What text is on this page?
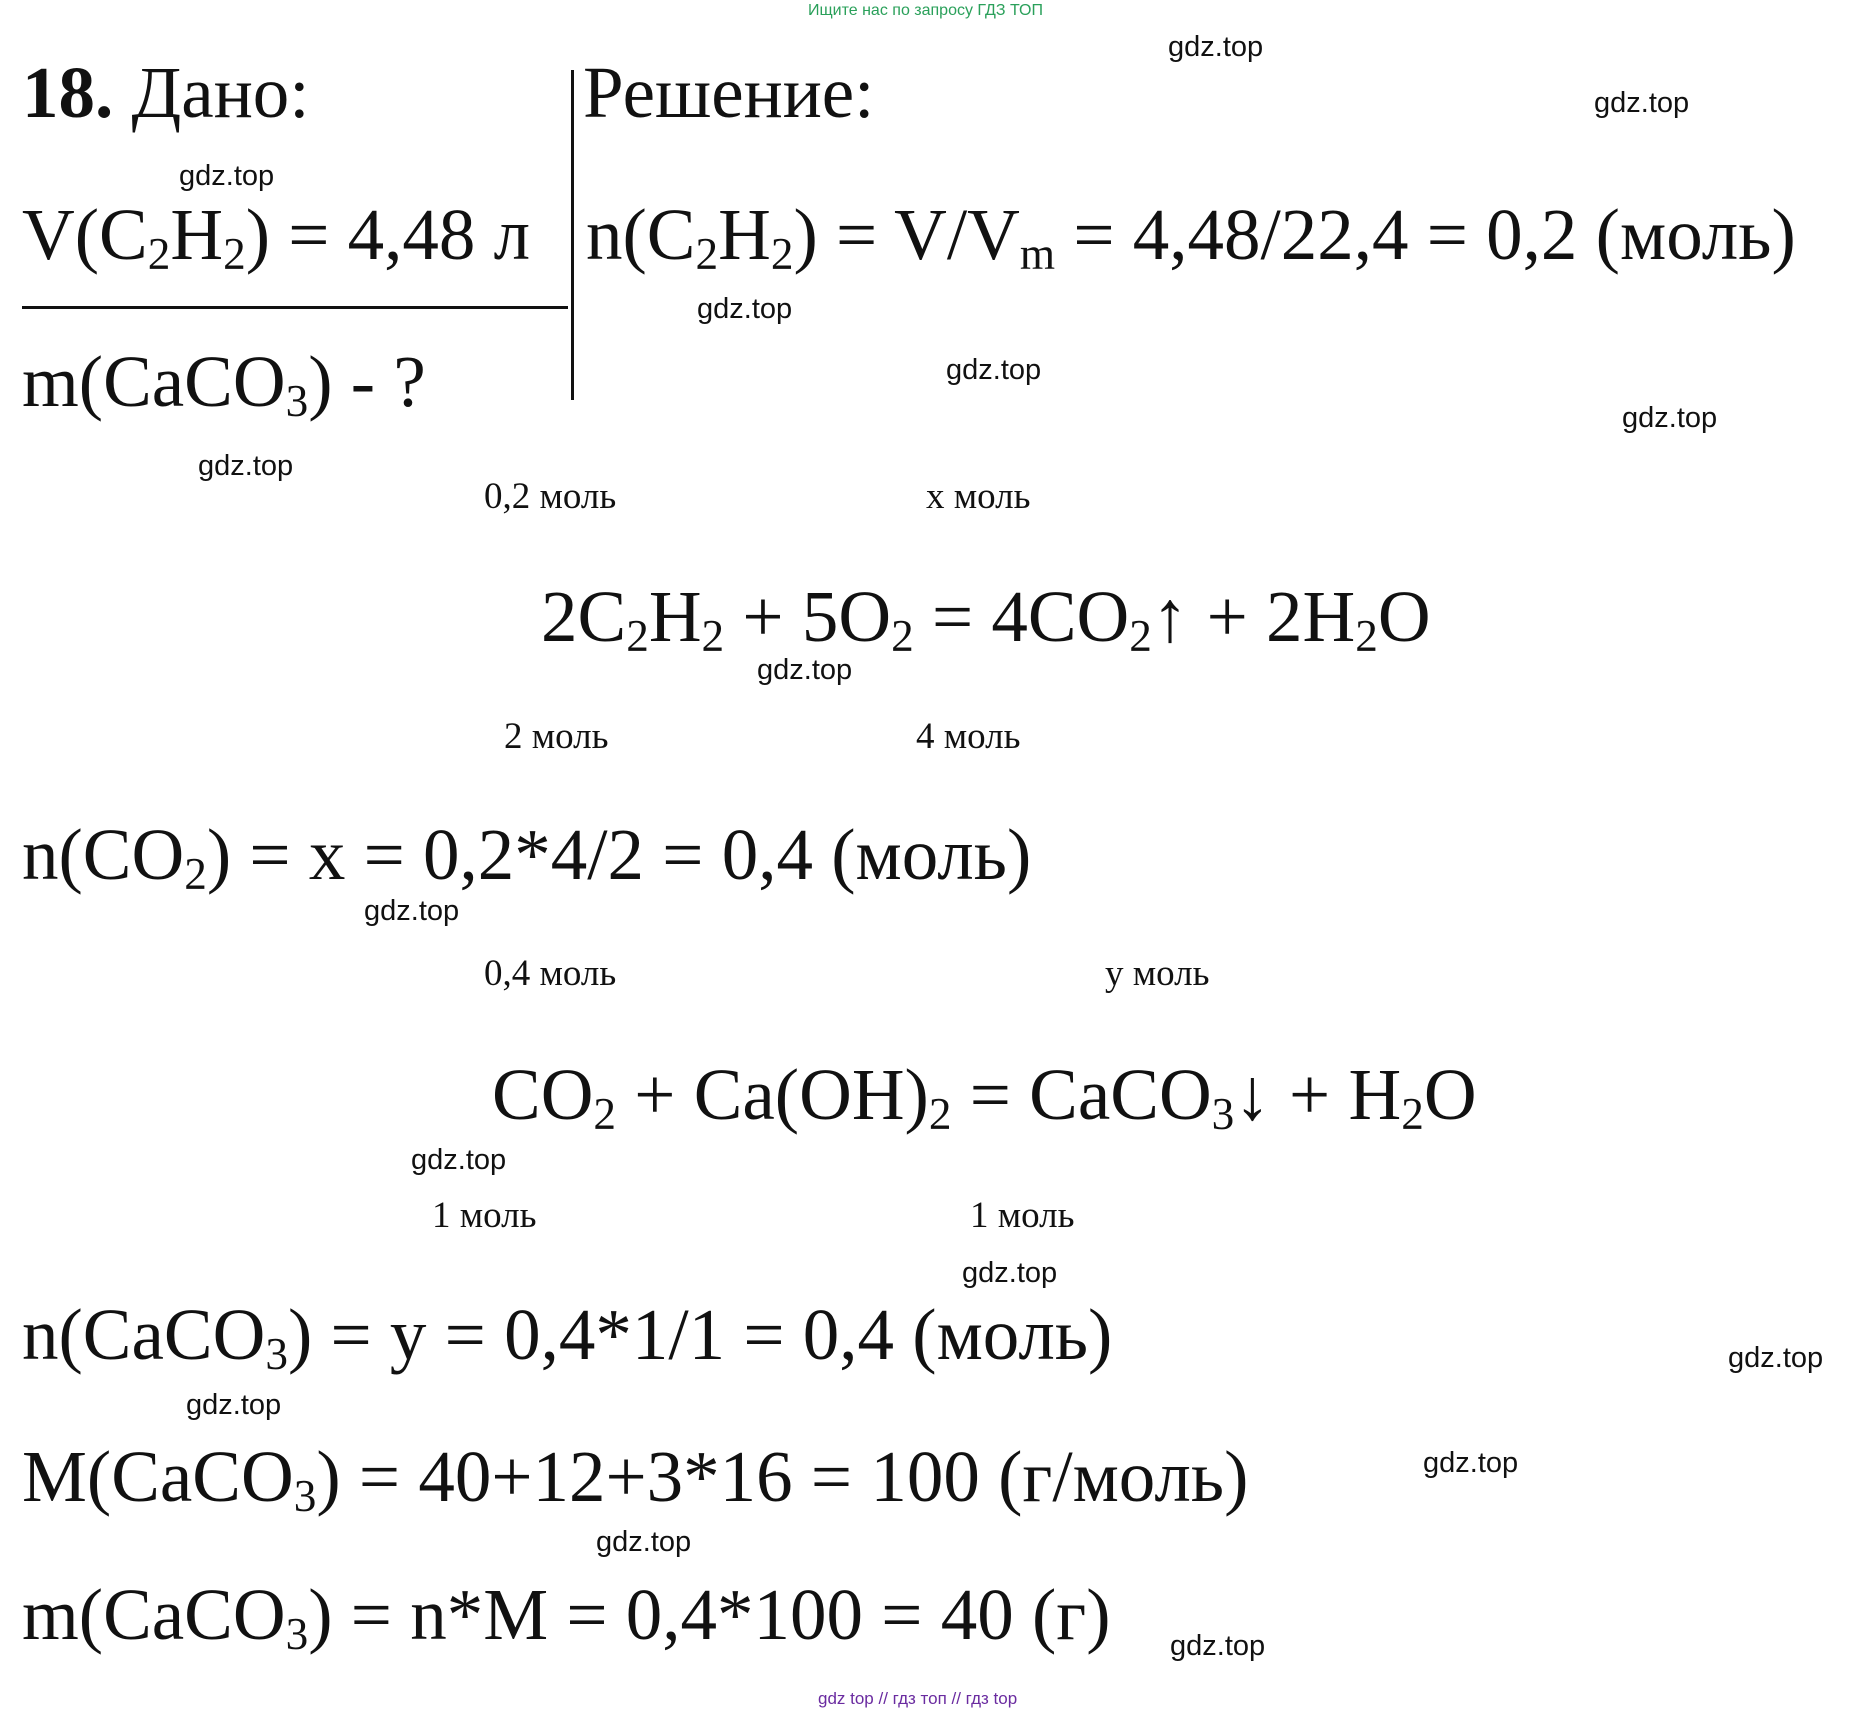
Ищите нас по запросу ГДЗ ТОП
18. Дано:
$V(C_2H_2) = 4,48$ л
m(CaCO$_3$) - ?
Решение:
$n(C_2H_2) = V/V_m = 4,48/22,4 = 0,2$ (моль)
0,2 моль	x моль
$2C_2H_2 + 5O_2$ = $4CO_2↑ + 2H_2O$
2 моль	4 моль
$n(CO_2) = x = 0,2*4/2 = 0,4$ (моль)
0,4 моль	y моль
$CO_2 + Ca(OH)_2$ = CaCO$_3$↓ + $H_2O$
1 моль	1 моль
n(CaCO$_3$) = y = 0,4*1/1 = 0,4 (моль)
M(CaCO$_3$) = 40+12+3*16 = 100 (г/моль)
m(CaCO$_3$) = n*M = 0,4*100 = 40 (г)
gdz.top
gdz.top
gdz.top
gdz.top
gdz.top
gdz.top
gdz.top
gdz.top
gdz.top
gdz.top
gdz.top
gdz.top
gdz.top
gdz.top
gdz.top
gdz.top
gdz top // гдз топ // гдз top
